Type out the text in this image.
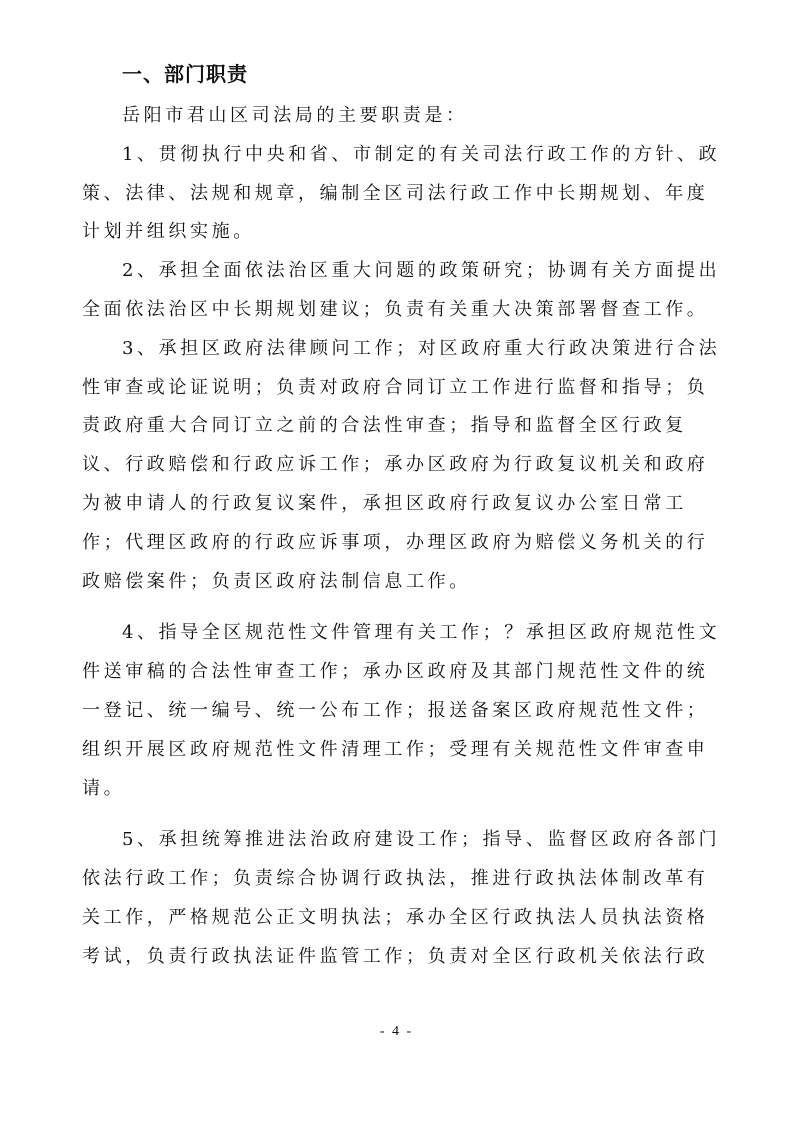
一、部门职责
岳阳市君山区司法局的主要职责是：
1、贯彻执行中央和省、市制定的有关司法行政工作的方针、政
策、法律、法规和规章，编制全区司法行政工作中长期规划、年度
计划并组织实施。
2、承担全面依法治区重大问题的政策研究；协调有关方面提出
全面依法治区中长期规划建议；负责有关重大决策部署督查工作。
3、承担区政府法律顾问工作；对区政府重大行政决策进行合法
性审查或论证说明；负责对政府合同订立工作进行监督和指导；负
责政府重大合同订立之前的合法性审查；指导和监督全区行政复
议、行政赔偿和行政应诉工作；承办区政府为行政复议机关和政府
为被申请人的行政复议案件，承担区政府行政复议办公室日常工
作；代理区政府的行政应诉事项，办理区政府为赔偿义务机关的行
政赔偿案件；负责区政府法制信息工作。
4、指导全区规范性文件管理有关工作；？承担区政府规范性文
件送审稿的合法性审查工作；承办区政府及其部门规范性文件的统
一登记、统一编号、统一公布工作；报送备案区政府规范性文件；
组织开展区政府规范性文件清理工作；受理有关规范性文件审查申
请。
5、承担统筹推进法治政府建设工作；指导、监督区政府各部门
依法行政工作；负责综合协调行政执法，推进行政执法体制改革有
关工作，严格规范公正文明执法；承办全区行政执法人员执法资格
考试，负责行政执法证件监管工作；负责对全区行政机关依法行政
- 4 -
